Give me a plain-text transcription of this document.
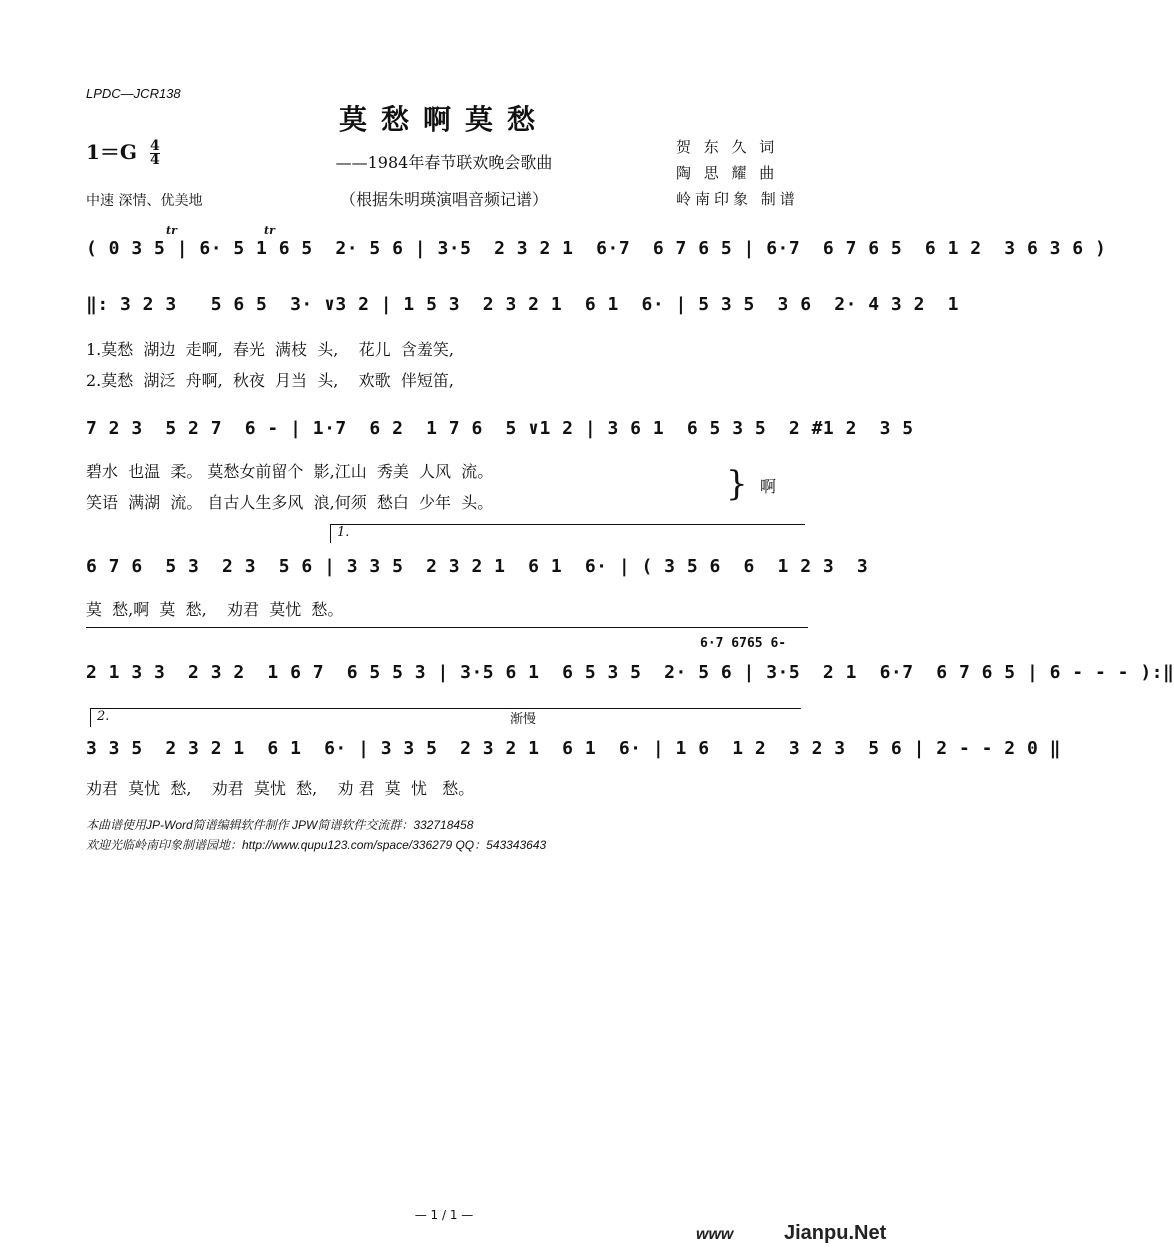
LPDC—JCR138
莫愁啊莫愁
——1984年春节联欢晚会歌曲
（根据朱明瑛演唱音频记谱）
$1=G \frac{4}{4}$
中速 深情、优美地
贺 东 久 词
陶 思 耀 曲
岭南印象 制谱
tr	tr
( 0 3 5 | 6· 5 1 6 5  2· 5 6 | 3·5  2 3 2 1  6·7  6 7 6 5 | 6·7  6 7 6 5  6 1 2  3 6 3 6 )
‖: 3 2 3   5 6 5  3· ∨3 2 | 1 5 3  2 3 2 1  6 1  6· | 5 3 5  3 6  2· 4 3 2  1
1.莫愁  湖边  走啊,  春光  满枝  头,    花儿  含羞笑,
2.莫愁  湖泛  舟啊,  秋夜  月当  头,    欢歌  伴短笛,
7 2 3  5 2 7  6 - | 1·7  6 2  1 7 6  5 ∨1 2 | 3 6 1  6 5 3 5  2 #1 2  3 5
碧水  也温  柔。 莫愁女前留个  影,江山  秀美  人风  流。
笑语  满湖  流。 自古人生多风  浪,何须  愁白  少年  头。	} 啊
1.
6 7 6  5 3  2 3  5 6 | 3 3 5  2 3 2 1  6 1  6· | ( 3 5 6  6  1 2 3  3
莫  愁,啊  莫  愁,    劝君  莫忧  愁。
6·7 6765 6-
2 1 3 3  2 3 2  1 6 7  6 5 5 3 | 3·5 6 1  6 5 3 5  2· 5 6 | 3·5  2 1  6·7  6 7 6 5 | 6 - - - ):‖
2.	渐慢
3 3 5  2 3 2 1  6 1  6· | 3 3 5  2 3 2 1  6 1  6· | 1 6  1 2  3 2 3  5 6 | 2 - - 2 0 ‖
劝君  莫忧  愁,    劝君  莫忧  愁,    劝 君  莫  忧   愁。
本曲谱使用JP-Word简谱编辑软件制作 JPW简谱软件交流群：332718458
欢迎光临岭南印象制谱园地：http://www.qupu123.com/space/336279 QQ：543343643
— 1 / 1 —
www	Jianpu.Net
